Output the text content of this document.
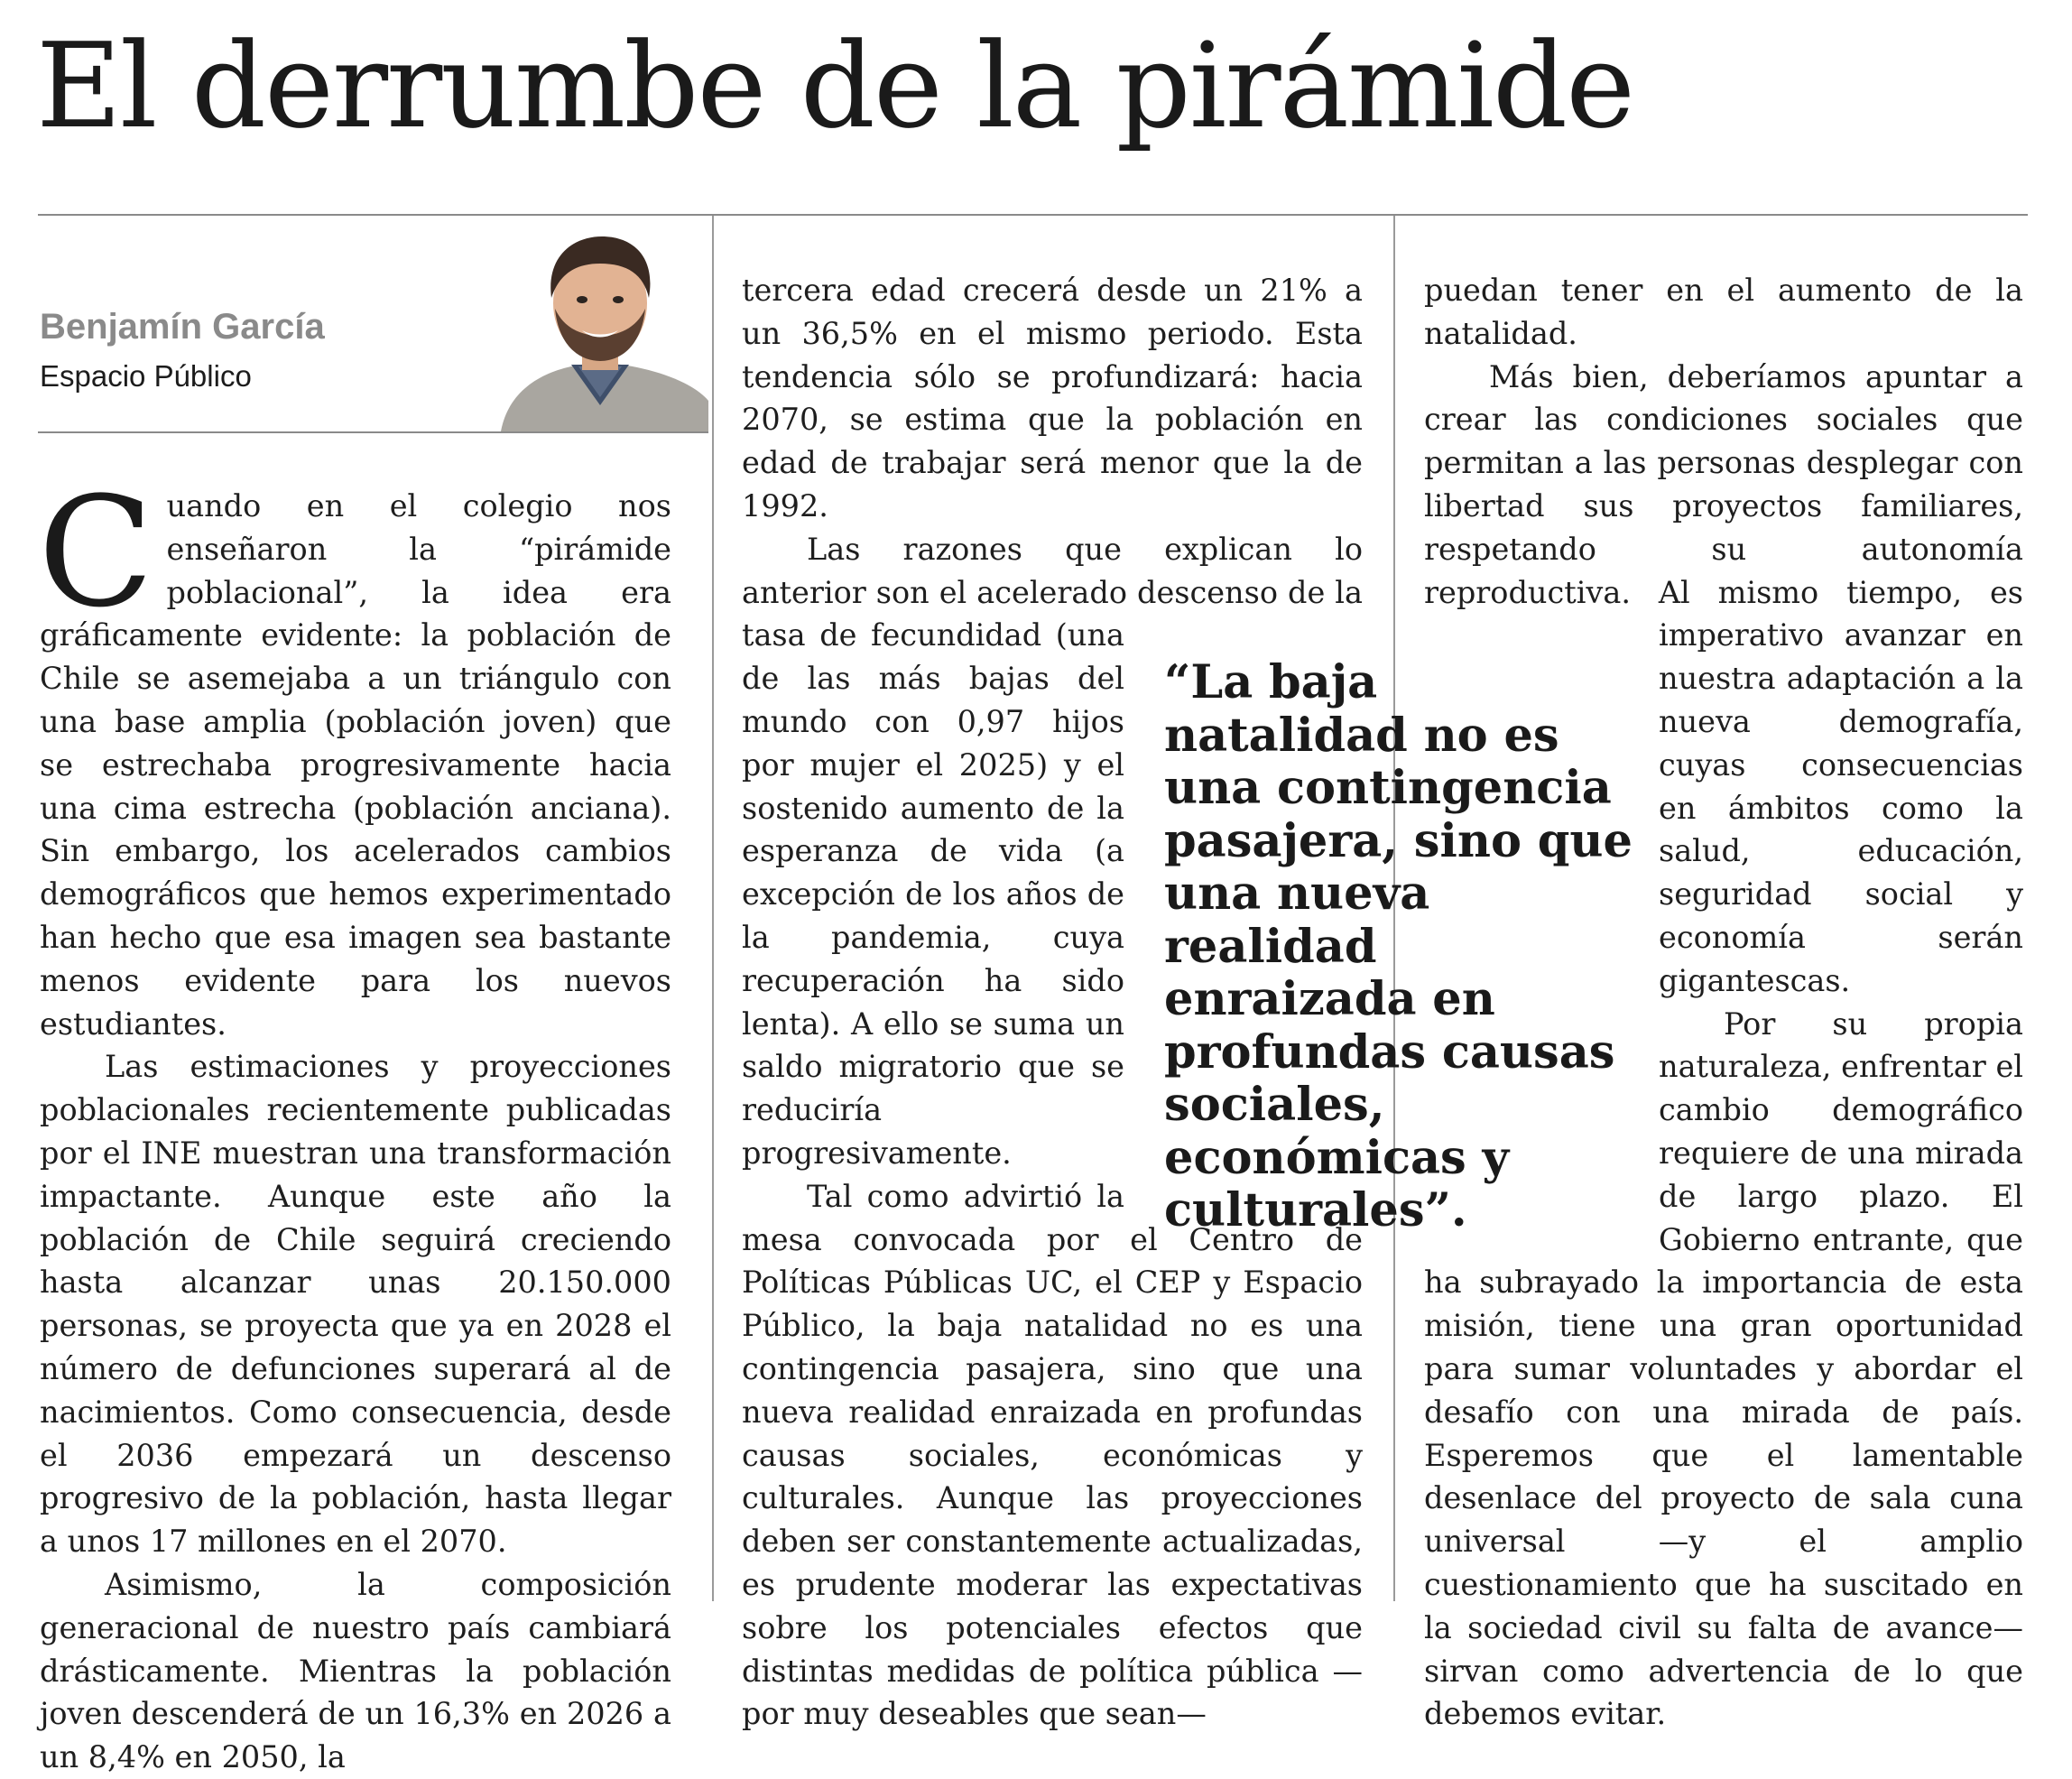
El derrumbe de la pirámide
Benjamín García
Espacio Público

Cuando en el colegio nos enseñaron la “pirámide poblacional”, la idea era gráficamente evidente: la población de Chile se asemejaba a un triángulo con una base amplia (población joven) que se estrechaba progresivamente hacia una cima estrecha (población anciana). Sin embargo, los acelerados cambios demográficos que hemos experimentado han hecho que esa imagen sea bastante menos evidente para los nuevos estudiantes.

Las estimaciones y proyecciones poblacionales recientemente publicadas por el INE muestran una transformación impactante. Aunque este año la población de Chile seguirá creciendo hasta alcanzar unas 20.150.000 personas, se proyecta que ya en 2028 el número de defunciones superará al de nacimientos. Como consecuencia, desde el 2036 empezará un descenso progresivo de la población, hasta llegar a unos 17 millones en el 2070.

Asimismo, la composición generacional de nuestro país cambiará drásticamente. Mientras la población joven descenderá de un 16,3% en 2026 a un 8,4% en 2050, la

tercera edad crecerá desde un 21% a un 36,5% en el mismo periodo. Esta tendencia sólo se profundizará: hacia 2070, se estima que la población en edad de trabajar será menor que la de 1992.

Las razones que explican lo anterior son el acelerado descenso de la tasa de fecundidad (una de las más bajas del mundo con 0,97 hijos por mujer el 2025) y el sostenido aumento de la esperanza de vida (a excepción de los años de la pandemia, cuya recuperación ha sido lenta). A ello se suma un saldo migratorio que se reduciría progresivamente.

Tal como advirtió la mesa convocada por el Centro de Políticas Públicas UC, el CEP y Espacio Público, la baja natalidad no es una contingencia pasajera, sino que una nueva realidad enraizada en profundas causas sociales, económicas y culturales. Aunque las proyecciones deben ser constantemente actualizadas, es prudente moderar las expectativas sobre los potenciales efectos que distintas medidas de política pública —por muy deseables que sean—

puedan tener en el aumento de la natalidad.

Más bien, deberíamos apuntar a crear las condiciones sociales que permitan a las personas desplegar con libertad sus proyectos familiares, respetando su autonomía reproductiva. Al mismo tiempo, es imperativo avanzar en nuestra adaptación a la nueva demografía, cuyas consecuencias en ámbitos como la salud, educación, seguridad social y economía serán gigantescas.

Por su propia naturaleza, enfrentar el cambio demográfico requiere de una mirada de largo plazo. El Gobierno entrante, que ha subrayado la importancia de esta misión, tiene una gran oportunidad para sumar voluntades y abordar el desafío con una mirada de país. Esperemos que el lamentable desenlace del proyecto de sala cuna universal —y el amplio cuestionamiento que ha suscitado en la sociedad civil su falta de avance— sirvan como advertencia de lo que debemos evitar.

“La baja natalidad no es una contingencia pasajera, sino que una nueva realidad enraizada en profundas causas sociales, económicas y culturales”.
